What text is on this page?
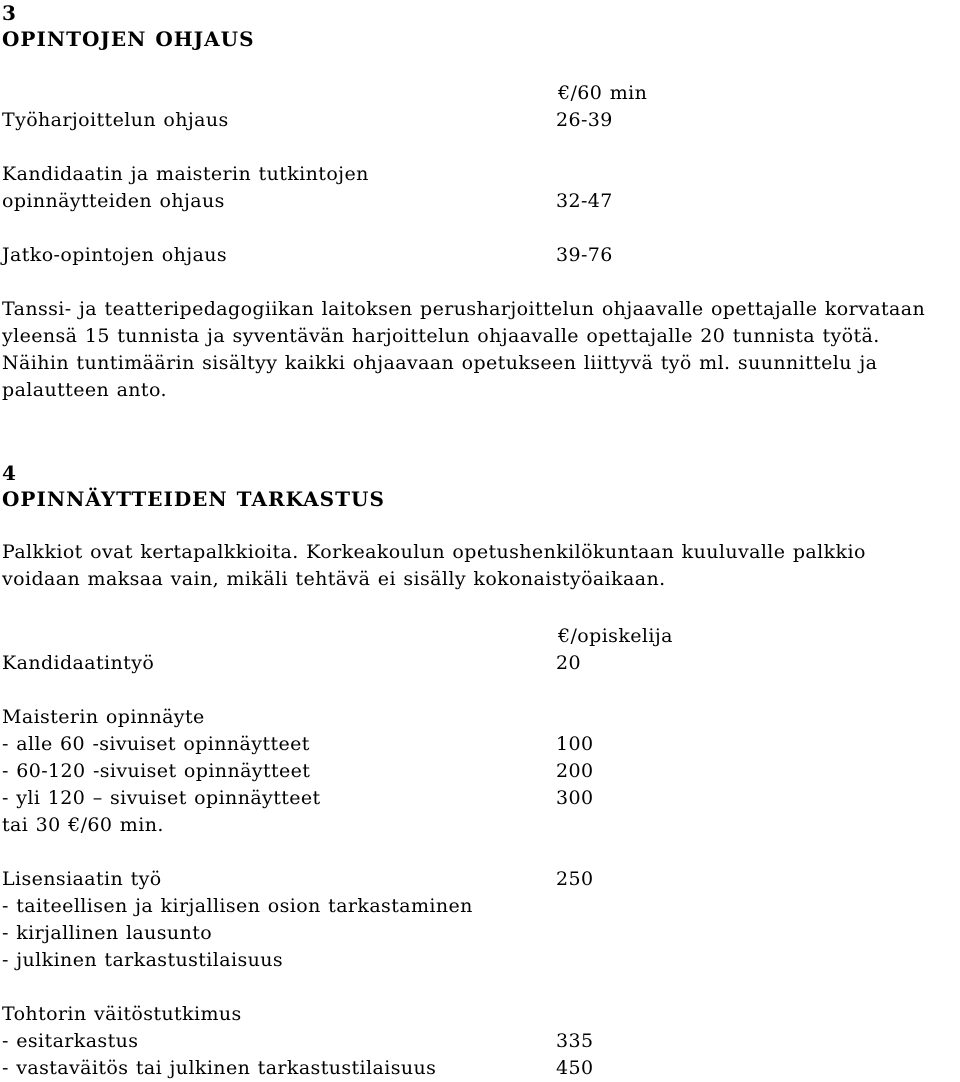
3
OPINTOJEN OHJAUS
€/60 min
Työharjoittelun ohjaus	26-39
Kandidaatin ja maisterin tutkintojen
opinnäytteiden ohjaus	32-47
Jatko-opintojen ohjaus	39-76
Tanssi- ja teatteripedagogiikan laitoksen perusharjoittelun ohjaavalle opettajalle korvataan
yleensä 15 tunnista ja syventävän harjoittelun ohjaavalle opettajalle 20 tunnista työtä.
Näihin tuntimäärin sisältyy kaikki ohjaavaan opetukseen liittyvä työ ml. suunnittelu ja
palautteen anto.
4
OPINNÄYTTEIDEN TARKASTUS
Palkkiot ovat kertapalkkioita. Korkeakoulun opetushenkilökuntaan kuuluvalle palkkio
voidaan maksaa vain, mikäli tehtävä ei sisälly kokonaistyöaikaan.
€/opiskelija
Kandidaatintyö	20
Maisterin opinnäyte
- alle 60 -sivuiset opinnäytteet	100
- 60-120 -sivuiset opinnäytteet	200
- yli 120 – sivuiset opinnäytteet	300
tai 30 €/60 min.
Lisensiaatin työ	250
- taiteellisen ja kirjallisen osion tarkastaminen
- kirjallinen lausunto
- julkinen tarkastustilaisuus
Tohtorin väitöstutkimus
- esitarkastus	335
- vastaväitös tai julkinen tarkastustilaisuus	450
